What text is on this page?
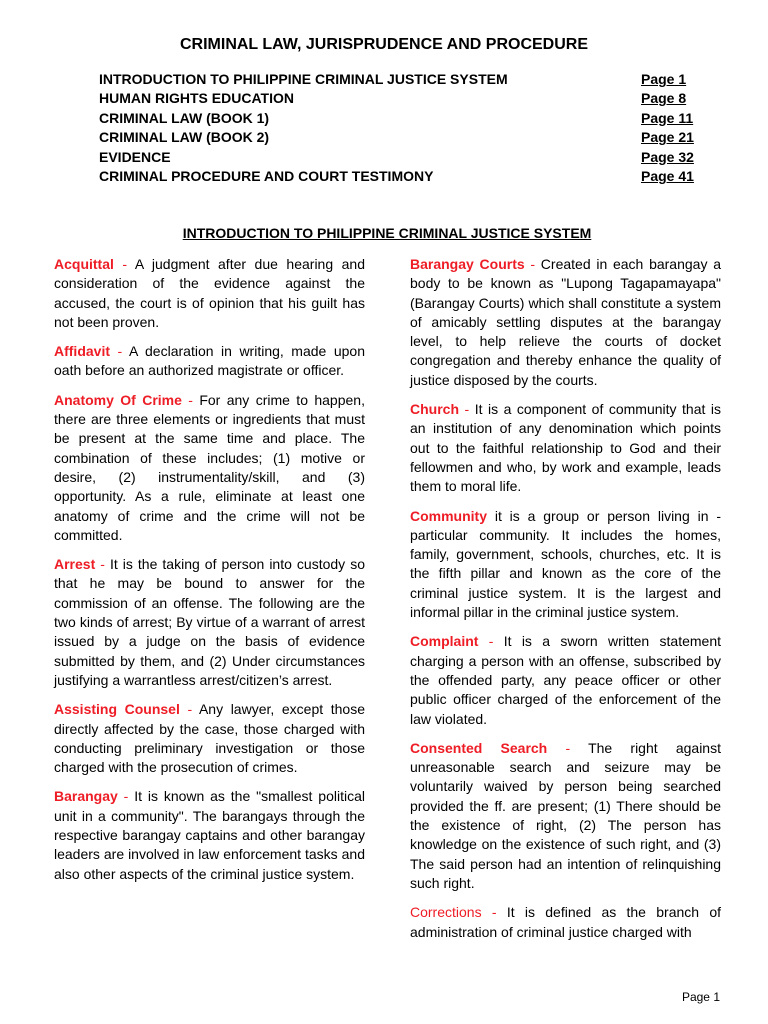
CRIMINAL LAW, JURISPRUDENCE AND PROCEDURE
INTRODUCTION TO PHILIPPINE CRIMINAL JUSTICE SYSTEM	Page 1
HUMAN RIGHTS EDUCATION	Page 8
CRIMINAL LAW (BOOK 1)	Page 11
CRIMINAL LAW (BOOK 2)	Page 21
EVIDENCE	Page 32
CRIMINAL PROCEDURE AND COURT TESTIMONY	Page 41
INTRODUCTION TO PHILIPPINE CRIMINAL JUSTICE SYSTEM

Acquittal - A judgment after due hearing and consideration of the evidence against the accused, the court is of opinion that his guilt has not been proven.

Affidavit - A declaration in writing, made upon oath before an authorized magistrate or officer.

Anatomy Of Crime - For any crime to happen, there are three elements or ingredients that must be present at the same time and place. The combination of these includes; (1) motive or desire, (2) instrumentality/skill, and (3) opportunity. As a rule, eliminate at least one anatomy of crime and the crime will not be committed.

Arrest - It is the taking of person into custody so that he may be bound to answer for the commission of an offense. The following are the two kinds of arrest; By virtue of a warrant of arrest issued by a judge on the basis of evidence submitted by them, and (2) Under circumstances justifying a warrantless arrest/citizen’s arrest.

Assisting Counsel - Any lawyer, except those directly affected by the case, those charged with conducting preliminary investigation or those charged with the prosecution of crimes.

Barangay - It is known as the "smallest political unit in a community". The barangays through the respective barangay captains and other barangay leaders are involved in law enforcement tasks and also other aspects of the criminal justice system.

Barangay Courts - Created in each barangay a body to be known as "Lupong Tagapamayapa" (Barangay Courts) which shall constitute a system of amicably settling disputes at the barangay level, to help relieve the courts of docket congregation and thereby enhance the quality of justice disposed by the courts.

Church - It is a component of community that is an institution of any denomination which points out to the faithful relationship to God and their fellowmen and who, by work and example, leads them to moral life.

Community it is a group or person living in - particular community. It includes the homes, family, government, schools, churches, etc. It is the fifth pillar and known as the core of the criminal justice system. It is the largest and informal pillar in the criminal justice system.

Complaint - It is a sworn written statement charging a person with an offense, subscribed by the offended party, any peace officer or other public officer charged of the enforcement of the law violated.

Consented Search - The right against unreasonable search and seizure may be voluntarily waived by person being searched provided the ff. are present; (1) There should be the existence of right, (2) The person has knowledge on the existence of such right, and (3) The said person had an intention of relinquishing such right.

Corrections - It is defined as the branch of administration of criminal justice charged with

Page 1
